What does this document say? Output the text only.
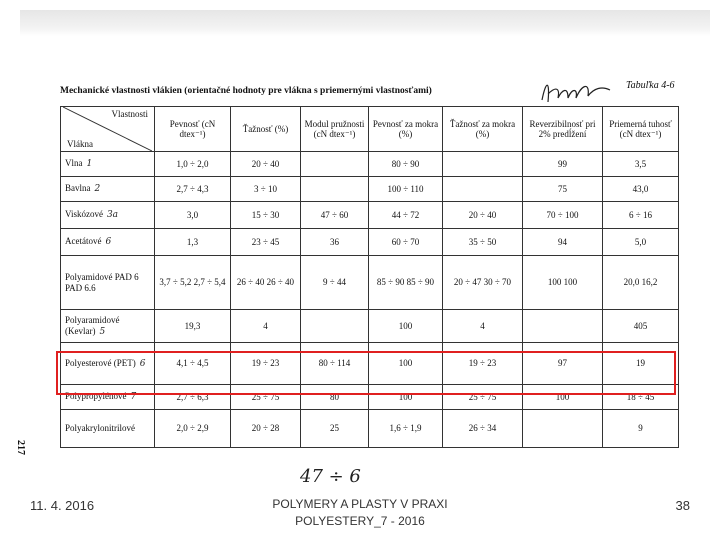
Tabuľka 4-6
Mechanické vlastnosti vlákien (orientačné hodnoty pre vlákna s priemernými vlastnosťami)
217
Vlastnosti
Vlákna	Pevnosť (cN dtex⁻¹)	Ťažnosť (%)	Modul pružnosti (cN dtex⁻¹)	Pevnosť za mokra (%)	Ťažnosť za mokra (%)	Reverzibilnosť pri 2% predĺžení	Priemerná tuhosť (cN dtex⁻¹)
Vlna 1	1,0 ÷ 2,0	20 ÷ 40		80 ÷ 90		99	3,5
Bavlna 2	2,7 ÷ 4,3	3 ÷ 10		100 ÷ 110		75	43,0
Viskózové 3a	3,0	15 ÷ 30	47 ÷ 60	44 ÷ 72	20 ÷ 40	70 ÷ 100	6 ÷ 16
Acetátové 6	1,3	23 ÷ 45	36	60 ÷ 70	35 ÷ 50	94	5,0
Polyamidové PAD 6 PAD 6.6	3,7 ÷ 5,2 2,7 ÷ 5,4	26 ÷ 40 26 ÷ 40	9 ÷ 44	85 ÷ 90 85 ÷ 90	20 ÷ 47 30 ÷ 70	100 100	20,0 16,2
Polyaramidové (Kevlar) 5	19,3	4		100	4		405
Polyesterové (PET) 6	4,1 ÷ 4,5	19 ÷ 23	80 ÷ 114	100	19 ÷ 23	97	19
Polypropylénové 7	2,7 ÷ 6,3	25 ÷ 75	80	100	25 ÷ 75	100	18 ÷ 45
Polyakrylonitrilové	2,0 ÷ 2,9	20 ÷ 28	25	1,6 ÷ 1,9	26 ÷ 34		9
47 ÷ 6
11. 4. 2016	POLYMERY A PLASTY V PRAXI
POLYESTERY_7 - 2016
38
